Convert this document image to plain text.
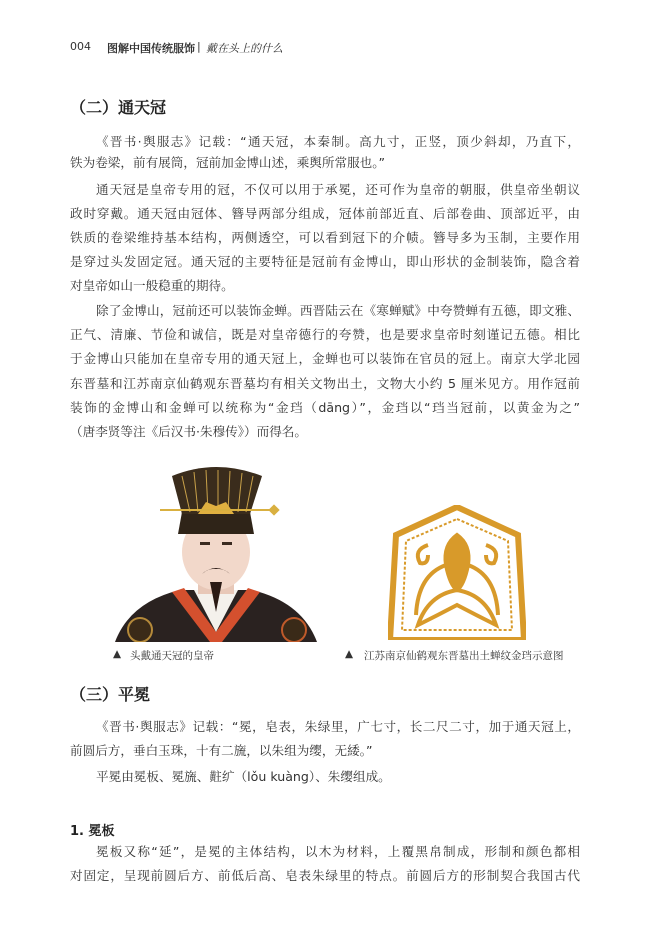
004 图解中国传统服饰 | 戴在头上的什么
（二）通天冠
《晋书·舆服志》记载：“通天冠，本秦制。高九寸，正竖，顶少斜却，乃直下，
铁为卷梁，前有展筒，冠前加金博山述，乘舆所常服也。”
通天冠是皇帝专用的冠，不仅可以用于承冕，还可作为皇帝的朝服，供皇帝坐朝议
政时穿戴。通天冠由冠体、簪导两部分组成，冠体前部近直、后部卷曲、顶部近平，由
铁质的卷梁维持基本结构，两侧透空，可以看到冠下的介帻。簪导多为玉制，主要作用
是穿过头发固定冠。通天冠的主要特征是冠前有金博山，即山形状的金制装饰，隐含着
对皇帝如山一般稳重的期待。
除了金博山，冠前还可以装饰金蝉。西晋陆云在《寒蝉赋》中夸赞蝉有五德，即文雅、
正气、清廉、节俭和诚信，既是对皇帝德行的夸赞，也是要求皇帝时刻谨记五德。相比
于金博山只能加在皇帝专用的通天冠上，金蝉也可以装饰在官员的冠上。南京大学北园
东晋墓和江苏南京仙鹤观东晋墓均有相关文物出土，文物大小约 5 厘米见方。用作冠前
装饰的金博山和金蝉可以统称为“金珰（dāng）”，金珰以“珰当冠前，以黄金为之”
（唐李贤等注《后汉书·朱穆传》）而得名。
▲ 头戴通天冠的皇帝	▲ 江苏南京仙鹤观东晋墓出土蝉纹金珰示意图
（三）平冕
《晋书·舆服志》记载：“冕，皂表，朱绿里，广七寸，长二尺二寸，加于通天冠上，
前圆后方，垂白玉珠，十有二旒，以朱组为缨，无緌。”
平冕由冕板、冕旒、黈纩（lǒu kuàng）、朱缨组成。
1. 冕板
冕板又称“延”，是冕的主体结构，以木为材料，上覆黑帛制成，形制和颜色都相
对固定，呈现前圆后方、前低后高、皂表朱绿里的特点。前圆后方的形制契合我国古代
